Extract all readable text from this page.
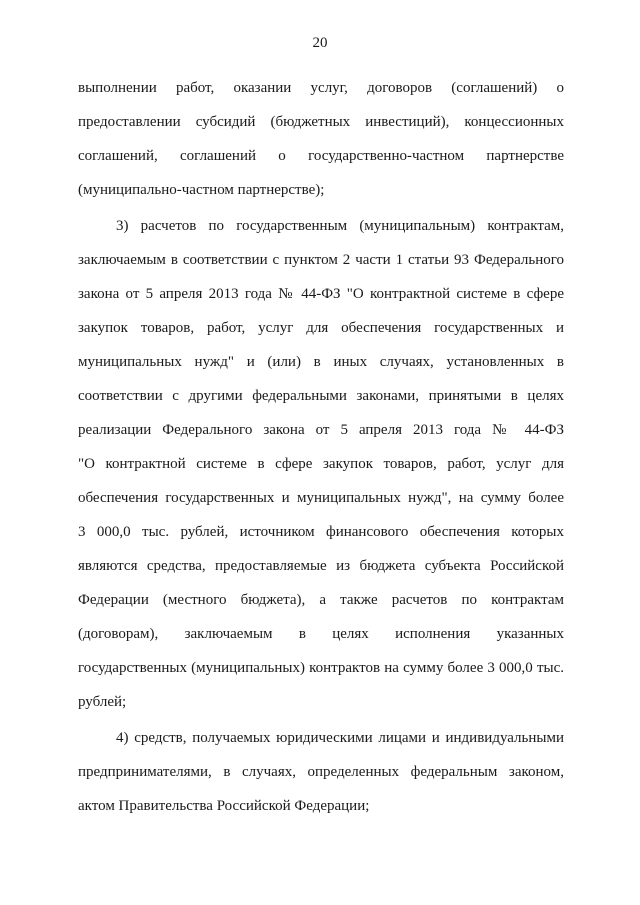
20
выполнении работ, оказании услуг, договоров (соглашений) о
предоставлении субсидий (бюджетных инвестиций), концессионных
соглашений, соглашений о государственно-частном партнерстве
(муниципально-частном партнерстве);
3) расчетов по государственным (муниципальным) контрактам,
заключаемым в соответствии с пунктом 2 части 1 статьи 93 Федерального
закона от 5 апреля 2013 года № 44-ФЗ "О контрактной системе в сфере
закупок товаров, работ, услуг для обеспечения государственных и
муниципальных нужд" и (или) в иных случаях, установленных в
соответствии с другими федеральными законами, принятыми в целях
реализации Федерального закона от 5 апреля 2013 года № 44-ФЗ
"О контрактной системе в сфере закупок товаров, работ, услуг для
обеспечения государственных и муниципальных нужд", на сумму более
3 000,0 тыс. рублей, источником финансового обеспечения которых
являются средства, предоставляемые из бюджета субъекта Российской
Федерации (местного бюджета), а также расчетов по контрактам
(договорам), заключаемым в целях исполнения указанных
государственных (муниципальных) контрактов на сумму более 3 000,0 тыс.
рублей;
4) средств, получаемых юридическими лицами и индивидуальными
предпринимателями, в случаях, определенных федеральным законом,
актом Правительства Российской Федерации;
